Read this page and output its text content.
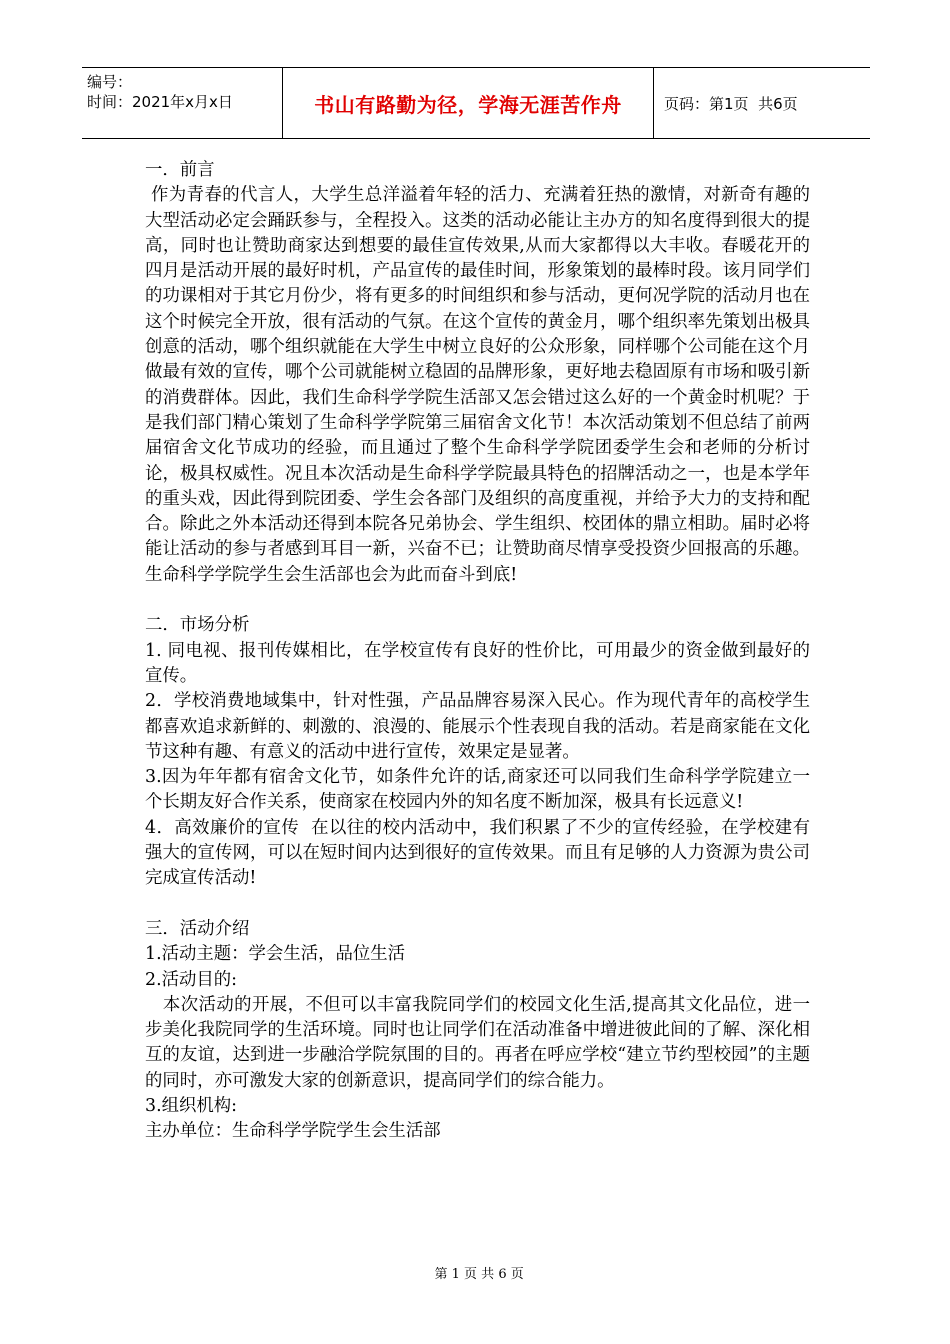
编号：
时间：2021年x月x日	书山有路勤为径，学海无涯苦作舟	页码：第1页  共6页

一．前言

作为青春的代言人，大学生总洋溢着年轻的活力、充满着狂热的激情，对新奇有趣的大型活动必定会踊跃参与，全程投入。这类的活动必能让主办方的知名度得到很大的提高，同时也让赞助商家达到想要的最佳宣传效果,从而大家都得以大丰收。春暖花开的四月是活动开展的最好时机，产品宣传的最佳时间，形象策划的最棒时段。该月同学们的功课相对于其它月份少，将有更多的时间组织和参与活动，更何况学院的活动月也在这个时候完全开放，很有活动的气氛。在这个宣传的黄金月，哪个组织率先策划出极具创意的活动，哪个组织就能在大学生中树立良好的公众形象，同样哪个公司能在这个月做最有效的宣传，哪个公司就能树立稳固的品牌形象，更好地去稳固原有市场和吸引新的消费群体。因此，我们生命科学学院生活部又怎会错过这么好的一个黄金时机呢？于是我们部门精心策划了生命科学学院第三届宿舍文化节！本次活动策划不但总结了前两届宿舍文化节成功的经验，而且通过了整个生命科学学院团委学生会和老师的分析讨论，极具权威性。况且本次活动是生命科学学院最具特色的招牌活动之一，也是本学年的重头戏，因此得到院团委、学生会各部门及组织的高度重视，并给予大力的支持和配合。除此之外本活动还得到本院各兄弟协会、学生组织、校团体的鼎立相助。届时必将能让活动的参与者感到耳目一新，兴奋不已；让赞助商尽情享受投资少回报高的乐趣。生命科学学院学生会生活部也会为此而奋斗到底!

二．市场分析

1. 同电视、报刊传媒相比，在学校宣传有良好的性价比，可用最少的资金做到最好的宣传。

2．学校消费地域集中，针对性强，产品品牌容易深入民心。作为现代青年的高校学生都喜欢追求新鲜的、刺激的、浪漫的、能展示个性表现自我的活动。若是商家能在文化节这种有趣、有意义的活动中进行宣传，效果定是显著。

3.因为年年都有宿舍文化节，如条件允许的话,商家还可以同我们生命科学学院建立一个长期友好合作关系，使商家在校园内外的知名度不断加深，极具有长远意义!

4．高效廉价的宣传  在以往的校内活动中，我们积累了不少的宣传经验，在学校建有强大的宣传网，可以在短时间内达到很好的宣传效果。而且有足够的人力资源为贵公司完成宣传活动!

三．活动介绍

1.活动主题：学会生活，品位生活

2.活动目的:

本次活动的开展，不但可以丰富我院同学们的校园文化生活,提高其文化品位，进一步美化我院同学的生活环境。同时也让同学们在活动准备中增进彼此间的了解、深化相互的友谊，达到进一步融洽学院氛围的目的。再者在呼应学校“建立节约型校园”的主题的同时，亦可激发大家的创新意识，提高同学们的综合能力。

3.组织机构:

主办单位：生命科学学院学生会生活部

第 1 页 共 6 页
